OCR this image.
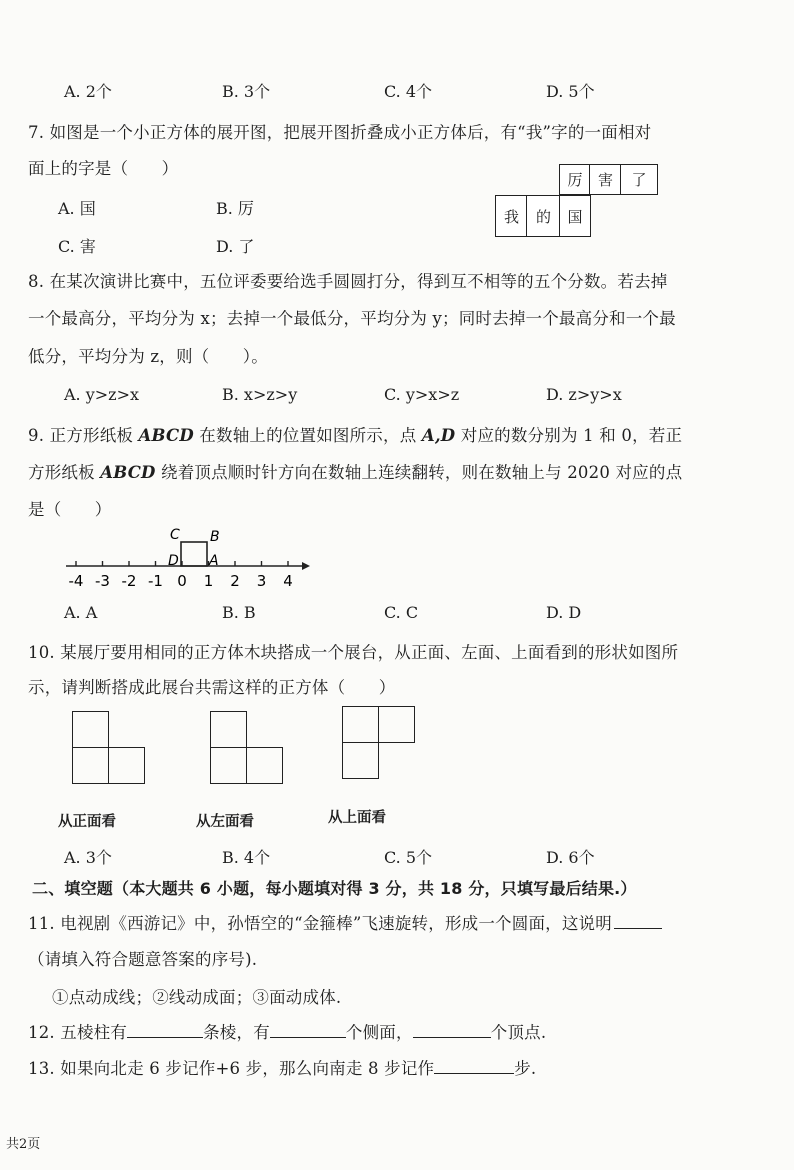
A. 2个	B. 3个	C. 4个	D. 5个
7. 如图是一个小正方体的展开图，把展开图折叠成小正方体后，有“我”字的一面相对
面上的字是（　　）
A. 国	B. 厉
C. 害	D. 了
厉	害	了
我	的	国
8. 在某次演讲比赛中，五位评委要给选手圆圆打分，得到互不相等的五个分数。若去掉
一个最高分，平均分为 x；去掉一个最低分，平均分为 y；同时去掉一个最高分和一个最
低分，平均分为 z，则（　　）。
A. y>z>x	B. x>z>y	C. y>x>z	D. z>y>x
9. 正方形纸板 ABCD 在数轴上的位置如图所示，点 A,D 对应的数分别为 1 和 0，若正
方形纸板 ABCD 绕着顶点顺时针方向在数轴上连续翻转，则在数轴上与 2020 对应的点
是（　　）
-4 -3 -2 -1 0 1 2 3 4
C B
D A
A. A	B. B	C. C	D. D
10. 某展厅要用相同的正方体木块搭成一个展台，从正面、左面、上面看到的形状如图所
示，请判断搭成此展台共需这样的正方体（　　）
从正面看	从左面看	从上面看
A. 3个	B. 4个	C. 5个	D. 6个
二、填空题（本大题共 6 小题，每小题填对得 3 分，共 18 分，只填写最后结果.）
11. 电视剧《西游记》中，孙悟空的“金箍棒”飞速旋转，形成一个圆面，这说明
（请填入符合题意答案的序号).
①点动成线；②线动成面；③面动成体.
12. 五棱柱有	条棱，有	个侧面，	个顶点.
13. 如果向北走 6 步记作+6 步，那么向南走 8 步记作	步.
共2页
